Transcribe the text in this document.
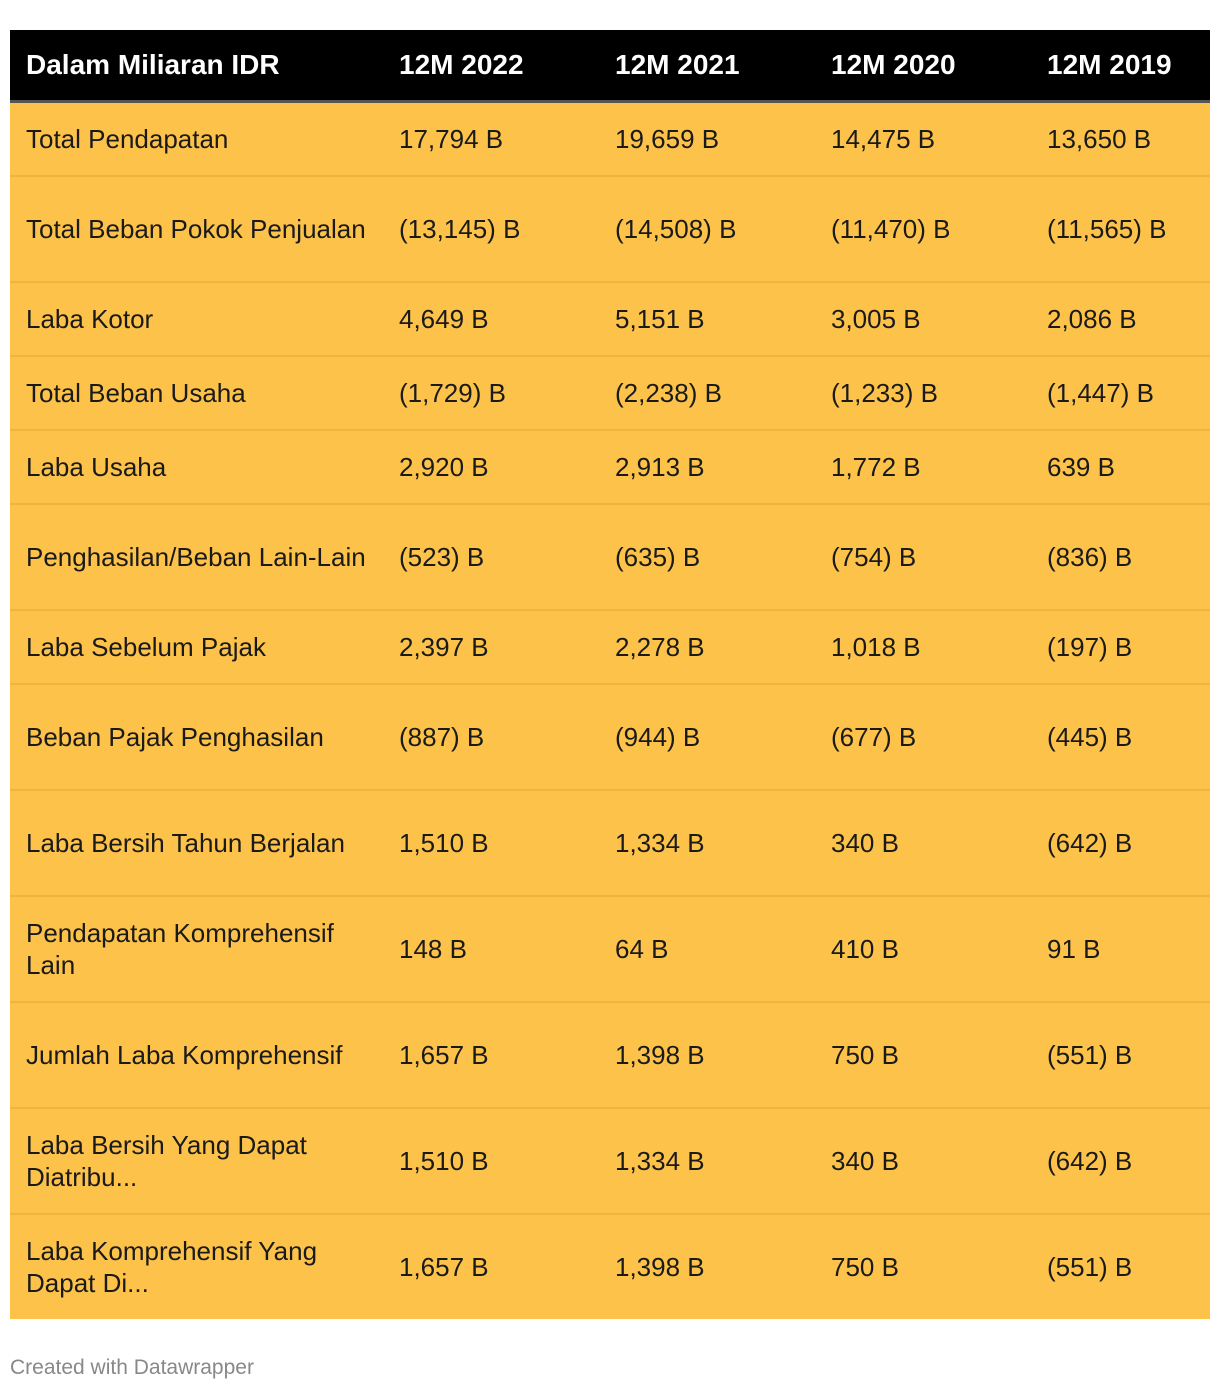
Dalam Miliaran IDR	12M 2022	12M 2021	12M 2020	12M 2019
Total Pendapatan	17,794 B	19,659 B	14,475 B	13,650 B
Total Beban Pokok Penjualan	(13,145) B	(14,508) B	(11,470) B	(11,565) B
Laba Kotor	4,649 B	5,151 B	3,005 B	2,086 B
Total Beban Usaha	(1,729) B	(2,238) B	(1,233) B	(1,447) B
Laba Usaha	2,920 B	2,913 B	1,772 B	639 B
Penghasilan/Beban Lain-Lain	(523) B	(635) B	(754) B	(836) B
Laba Sebelum Pajak	2,397 B	2,278 B	1,018 B	(197) B
Beban Pajak Penghasilan	(887) B	(944) B	(677) B	(445) B
Laba Bersih Tahun Berjalan	1,510 B	1,334 B	340 B	(642) B
Pendapatan Komprehensif Lain	148 B	64 B	410 B	91 B
Jumlah Laba Komprehensif	1,657 B	1,398 B	750 B	(551) B
Laba Bersih Yang Dapat Diatribu...	1,510 B	1,334 B	340 B	(642) B
Laba Komprehensif Yang Dapat Di...	1,657 B	1,398 B	750 B	(551) B
Created with Datawrapper
